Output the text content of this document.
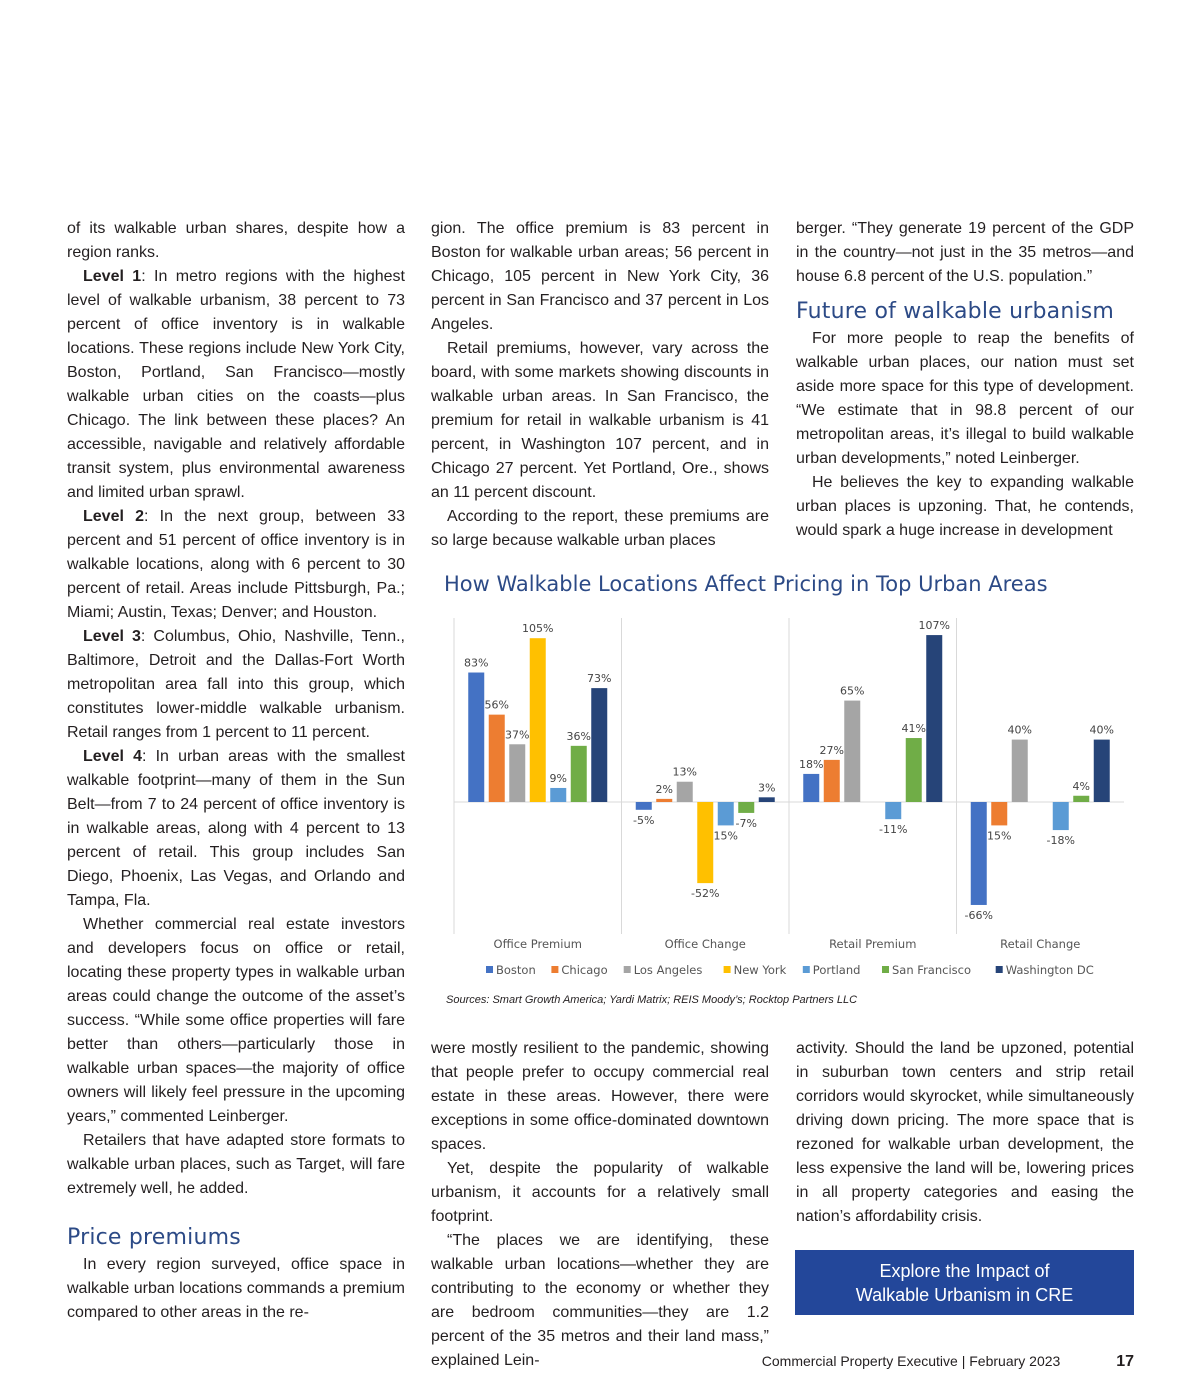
of its walkable urban shares, despite how a region ranks.

Level 1: In metro regions with the highest level of walkable urbanism, 38 percent to 73 percent of office inventory is in walkable locations. These regions include New York City, Boston, Portland, San Francisco—mostly walkable urban cities on the coasts—plus Chicago. The link between these places? An accessible, navigable and relatively affordable transit system, plus environmental awareness and limited urban sprawl.

Level 2: In the next group, between 33 percent and 51 percent of office inventory is in walkable locations, along with 6 percent to 30 percent of retail. Areas include Pittsburgh, Pa.; Miami; Austin, Texas; Denver; and Houston.

Level 3: Columbus, Ohio, Nashville, Tenn., Baltimore, Detroit and the Dallas-Fort Worth metropolitan area fall into this group, which constitutes lower-middle walkable urbanism. Retail ranges from 1 percent to 11 percent.

Level 4: In urban areas with the smallest walkable footprint—many of them in the Sun Belt—from 7 to 24 percent of office inventory is in walkable areas, along with 4 percent to 13 percent of retail. This group includes San Diego, Phoenix, Las Vegas, and Orlando and Tampa, Fla.

Whether commercial real estate investors and developers focus on office or retail, locating these property types in walkable urban areas could change the outcome of the asset’s success. “While some office properties will fare better than others—particularly those in walkable urban spaces—the majority of office owners will likely feel pressure in the upcoming years,” commented Leinberger.

Retailers that have adapted store formats to walkable urban places, such as Target, will fare extremely well, he added.

Price premiums

In every region surveyed, office space in walkable urban locations commands a premium compared to other areas in the re-

gion. The office premium is 83 percent in Boston for walkable urban areas; 56 percent in Chicago, 105 percent in New York City, 36 percent in San Francisco and 37 percent in Los Angeles.

Retail premiums, however, vary across the board, with some markets showing discounts in walkable urban areas. In San Francisco, the premium for retail in walkable urbanism is 41 percent, in Washington 107 percent, and in Chicago 27 percent. Yet Portland, Ore., shows an 11 percent discount.

According to the report, these premiums are so large because walkable urban places

berger. “They generate 19 percent of the GDP in the country—not just in the 35 metros—and house 6.8 percent of the U.S. population.”

Future of walkable urbanism

For more people to reap the benefits of walkable urban places, our nation must set aside more space for this type of development. “We estimate that in 98.8 percent of our metropolitan areas, it’s illegal to build walkable urban developments,” noted Leinberger.

He believes the key to expanding walkable urban places is upzoning. That, he contends, would spark a huge increase in development

How Walkable Locations Affect Pricing in Top Urban Areas
83%
56%
37%
105%
9%
36%
73%
Office Premium
-5%
2%
13%
-52%
15%
-7%
3%
Office Change
18%
27%
65%
-11%
41%
107%
Retail Premium
-66%
15%
40%
-18%
4%
40%
Retail Change
Boston Chicago Los Angeles	New York Portland	San Francisco	Washington DC
Sources: Smart Growth America; Yardi Matrix; REIS Moody’s; Rocktop Partners LLC

were mostly resilient to the pandemic, showing that people prefer to occupy commercial real estate in these areas. However, there were exceptions in some office-dominated downtown spaces.

Yet, despite the popularity of walkable urbanism, it accounts for a relatively small footprint.

“The places we are identifying, these walkable urban locations—whether they are contributing to the economy or whether they are bedroom communities—they are 1.2 percent of the 35 metros and their land mass,” explained Lein-

activity. Should the land be upzoned, potential in suburban town centers and strip retail corridors would skyrocket, while simultaneously driving down pricing. The more space that is rezoned for walkable urban development, the less expensive the land will be, lowering prices in all property categories and easing the nation’s affordability crisis.

Explore the Impact of
Walkable Urbanism in CRE
Commercial Property Executive | February 2023	17
